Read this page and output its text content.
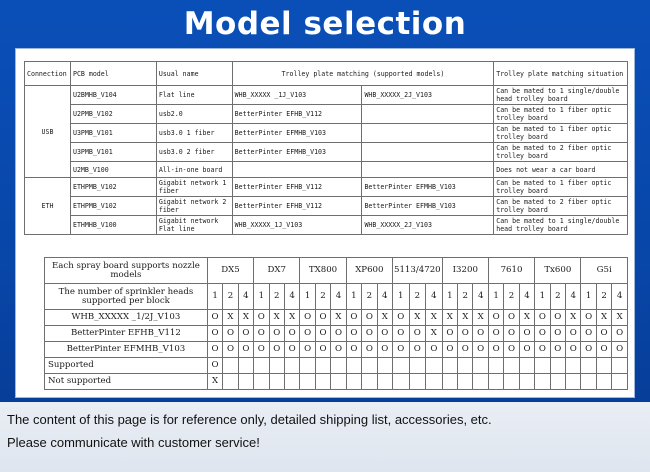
Model selection
Connection	PCB model	Usual name	Trolley plate matching (supported models)		Trolley plate matching situation
USB	U2BMHB_V104	Flat line	WHB_XXXXX _1J_V103	WHB_XXXXX_2J_V103	Can be mated to 1 single/double head trolley board
	U2PMB_V102	usb2.0	BetterPinter EFHB_V112		Can be mated to 1 fiber optic trolley board
	U3PMB_V101	usb3.0 1 fiber	BetterPinter EFMHB_V103		Can be mated to 1 fiber optic trolley board
	U3PMB_V101	usb3.0 2 fiber	BetterPinter EFMHB_V103		Can be mated to 2 fiber optic trolley board
	U2MB_V100	All-in-one board			Does not wear a car board
ETH	ETHPMB_V102	Gigabit network 1 fiber	BetterPinter EFHB_V112	BetterPinter EFMHB_V103	Can be mated to 1 fiber optic trolley board
	ETHPMB_V102	Gigabit network 2 fiber	BetterPinter EFHB_V112	BetterPinter EFMHB_V103	Can be mated to 2 fiber optic trolley board
	ETHMHB_V100	Gigabit network Flat line	WHB_XXXXX_1J_V103	WHB_XXXXX_2J_V103	Can be mated to 1 single/double head trolley board
Each spray board supports nozzle models	DX5			DX7			TX800			XP600			5113/4720			I3200			7610			Tx600			G5i		
The number of sprinkler heads supported per block	1	2	4	1	2	4	1	2	4	1	2	4	1	2	4	1	2	4	1	2	4	1	2	4	1	2	4
WHB_XXXXX _1/2J_V103	O	X	X	O	X	X	O	O	X	O	O	X	O	X	X	X	X	X	O	O	X	O	O	X	O	X	X
BetterPinter EFHB_V112	O	O	O	O	O	O	O	O	O	O	O	O	O	O	X	O	O	O	O	O	O	O	O	O	O	O	O
BetterPinter EFMHB_V103	O	O	O	O	O	O	O	O	O	O	O	O	O	O	O	O	O	O	O	O	O	O	O	O	O	O	O
Supported	O																										
Not supported	X																										
The content of this page is for reference only, detailed shipping list, accessories, etc.
Please communicate with customer service!
